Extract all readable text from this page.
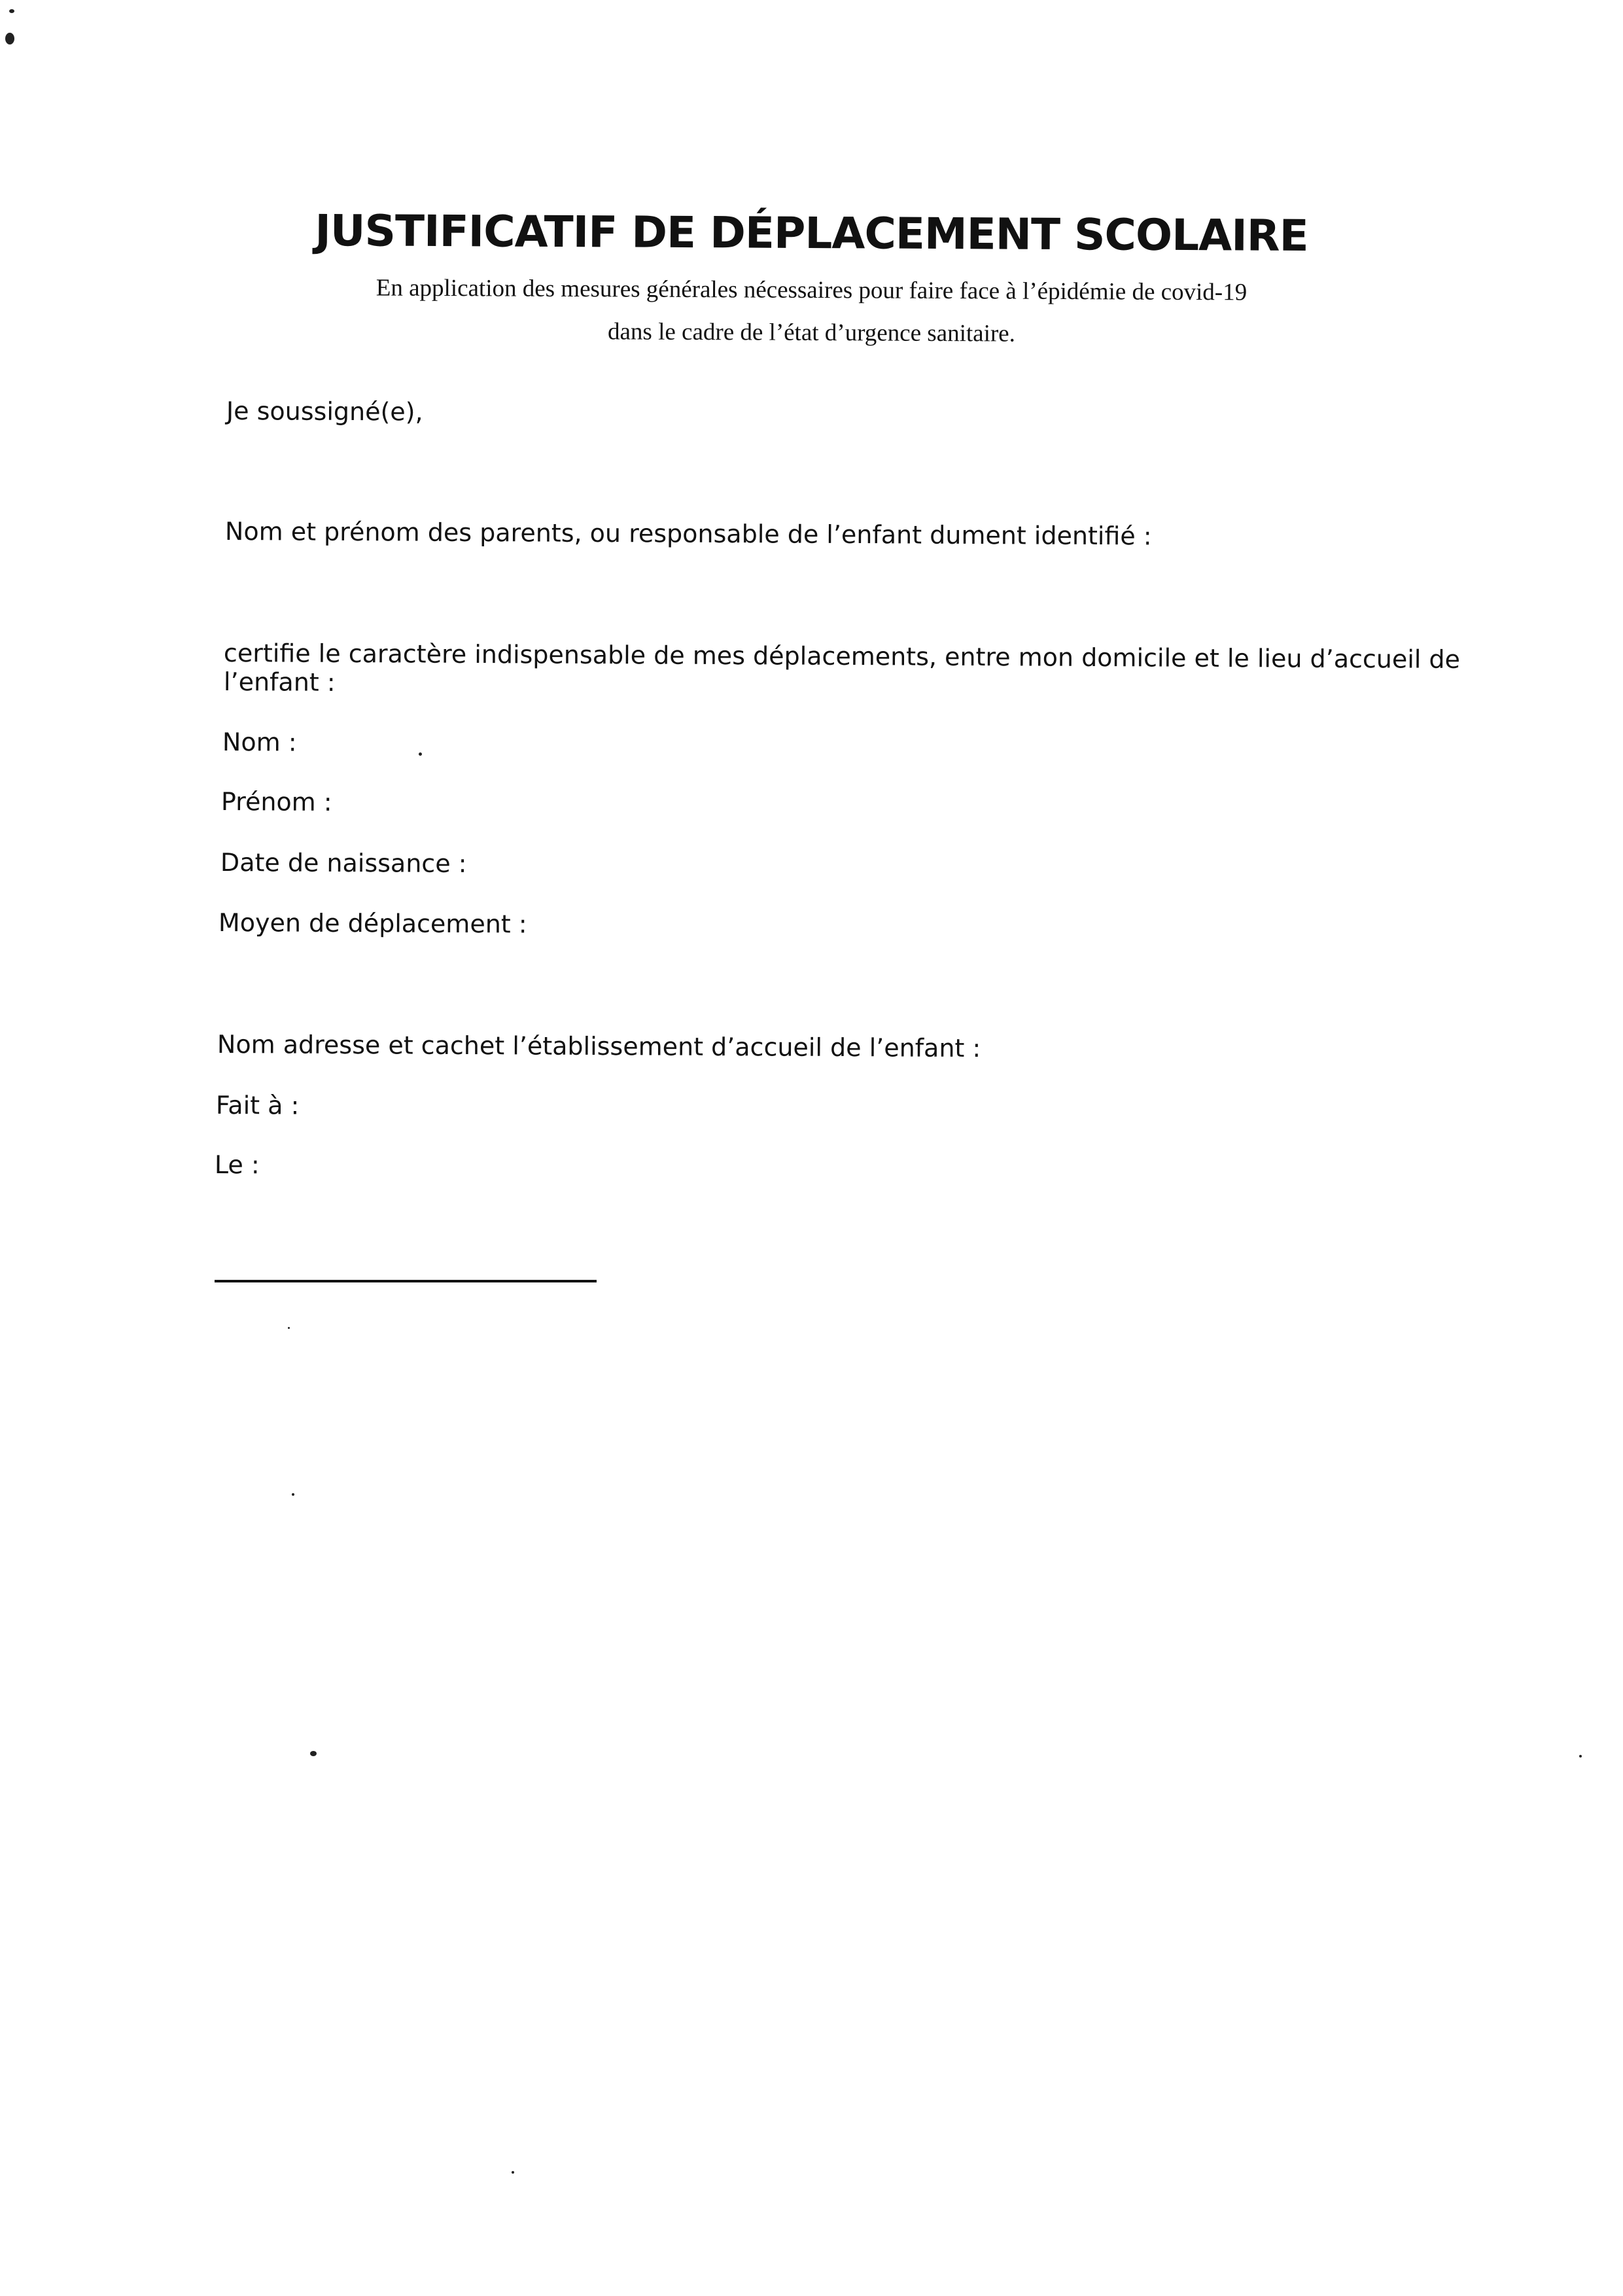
JUSTIFICATIF DE DÉPLACEMENT SCOLAIRE
En application des mesures générales nécessaires pour faire face à l’épidémie de covid-19
dans le cadre de l’état d’urgence sanitaire.
Je soussigné(e),
Nom et prénom des parents, ou responsable de l’enfant dument identifié :
certifie le caractère indispensable de mes déplacements, entre mon domicile et le lieu d’accueil de
l’enfant :
Nom :
Prénom :
Date de naissance :
Moyen de déplacement :
Nom adresse et cachet l’établissement d’accueil de l’enfant :
Fait à :
Le :
